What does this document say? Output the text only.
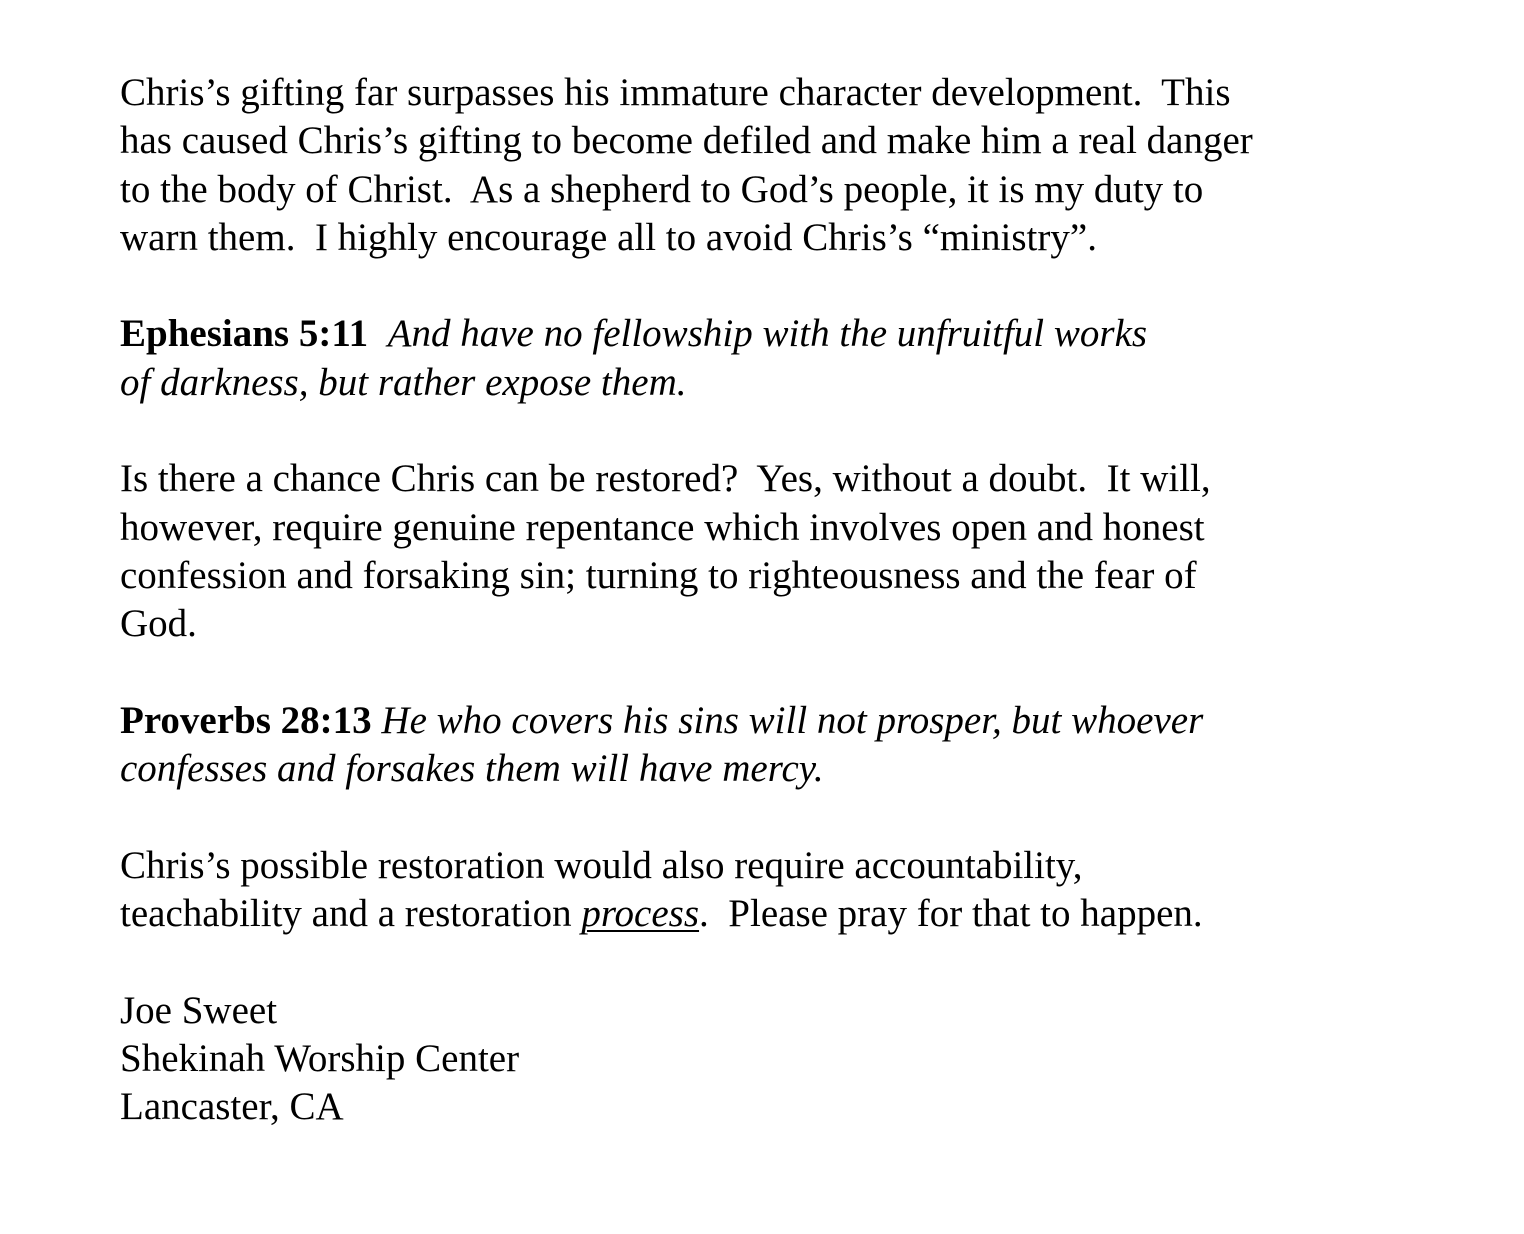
Chris’s gifting far surpasses his immature character development.  This
has caused Chris’s gifting to become defiled and make him a real danger
to the body of Christ.  As a shepherd to God’s people, it is my duty to
warn them.  I highly encourage all to avoid Chris’s “ministry”.
Ephesians 5:11 And have no fellowship with the unfruitful works
of darkness, but rather expose them.
Is there a chance Chris can be restored?  Yes, without a doubt.  It will,
however, require genuine repentance which involves open and honest
confession and forsaking sin; turning to righteousness and the fear of
God.
Proverbs 28:13 He who covers his sins will not prosper, but whoever
confesses and forsakes them will have mercy.
Chris’s possible restoration would also require accountability,
teachability and a restoration process.  Please pray for that to happen.
Joe Sweet
Shekinah Worship Center
Lancaster, CA
